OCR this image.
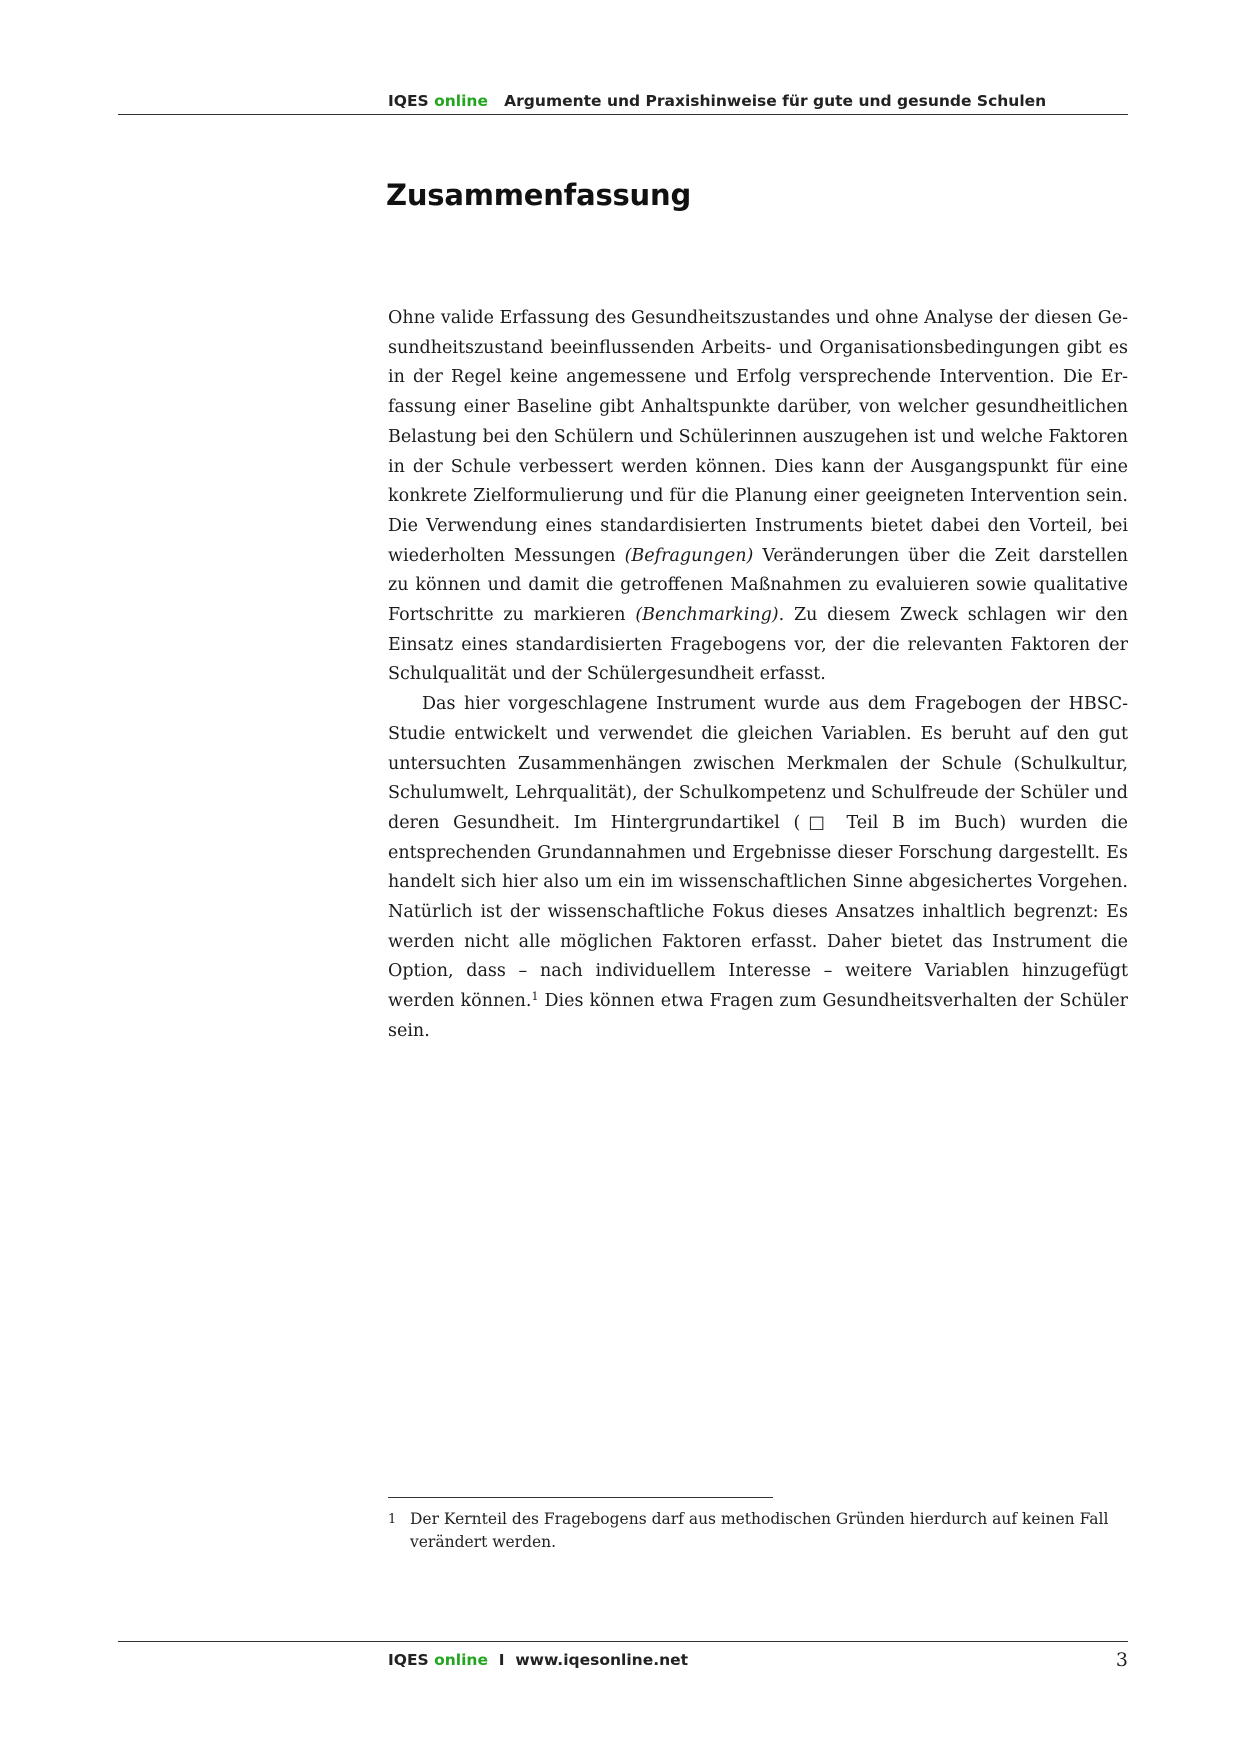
IQES online Argumente und Praxishinweise für gute und gesunde Schulen
Zusammenfassung

Ohne valide Erfassung des Gesundheitszustandes und ohne Analyse der diesen Gesundheitszustand beeinflussenden Arbeits- und Organisationsbedingungen gibt es in der Regel keine angemessene und Erfolg versprechende Intervention. Die Erfassung einer Baseline gibt Anhaltspunkte darüber, von welcher gesundheitlichen Belastung bei den Schülern und Schülerinnen auszugehen ist und welche Faktoren in der Schule verbessert werden können. Dies kann der Ausgangspunkt für eine konkrete Zielformulierung und für die Planung einer geeigneten Intervention sein. Die Verwendung eines standardisierten Instruments bietet dabei den Vorteil, bei wiederholten Messungen (Befragungen) Veränderungen über die Zeit darstellen zu können und damit die getroffenen Maßnahmen zu evaluieren sowie qualitative Fortschritte zu markieren (Benchmarking). Zu diesem Zweck schlagen wir den Einsatz eines standardisierten Fragebogens vor, der die relevanten Faktoren der Schulqualität und der Schülergesundheit erfasst.

Das hier vorgeschlagene Instrument wurde aus dem Fragebogen der HBSC-Studie entwickelt und verwendet die gleichen Variablen. Es beruht auf den gut untersuchten Zusammenhängen zwischen Merkmalen der Schule (Schulkultur, Schulumwelt, Lehrqualität), der Schulkompetenz und Schulfreude der Schüler und deren Gesundheit. Im Hintergrundartikel (□ Teil B im Buch) wurden die entsprechenden Grundannahmen und Ergebnisse dieser Forschung dargestellt. Es handelt sich hier also um ein im wissenschaftlichen Sinne abgesichertes Vorgehen. Natürlich ist der wissenschaftliche Fokus dieses Ansatzes inhaltlich begrenzt: Es werden nicht alle möglichen Faktoren erfasst. Daher bietet das Instrument die Option, dass – nach individuellem Interesse – weitere Variablen hinzugefügt werden können.$^1$ Dies können etwa Fragen zum Gesundheitsverhalten der Schüler sein.

1 Der Kernteil des Fragebogens darf aus methodischen Gründen hierdurch auf keinen Fall verändert werden.
IQES online I www.iqesonline.net	3
